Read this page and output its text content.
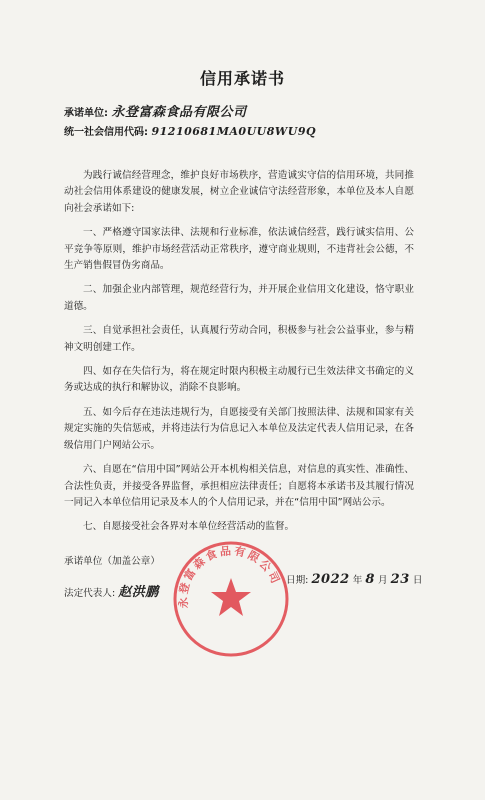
信用承诺书
承诺单位: 永登富森食品有限公司
统一社会信用代码: 91210681MA0UU8WU9Q

为践行诚信经营理念，维护良好市场秩序，营造诚实守信的信用环境，共同推动社会信用体系建设的健康发展，树立企业诚信守法经营形象，本单位及本人自愿向社会承诺如下:

一、严格遵守国家法律、法规和行业标准，依法诚信经营，践行诚实信用、公平竞争等原则，维护市场经营活动正常秩序，遵守商业规则，不违背社会公德，不生产销售假冒伪劣商品。

二、加强企业内部管理，规范经营行为，并开展企业信用文化建设，恪守职业道德。

三、自觉承担社会责任，认真履行劳动合同，积极参与社会公益事业，参与精神文明创建工作。

四、如存在失信行为，将在规定时限内积极主动履行已生效法律文书确定的义务或达成的执行和解协议，消除不良影响。

五、如今后存在违法违规行为，自愿接受有关部门按照法律、法规和国家有关规定实施的失信惩戒，并将违法行为信息记入本单位及法定代表人信用记录，在各级信用门户网站公示。

六、自愿在“信用中国”网站公开本机构相关信息，对信息的真实性、准确性、合法性负责，并接受各界监督，承担相应法律责任；自愿将本承诺书及其履行情况一同记入本单位信用记录及本人的个人信用记录，并在“信用中国”网站公示。

七、自愿接受社会各界对本单位经营活动的监督。

承诺单位（加盖公章）
法定代表人: 赵洪鹏
日期: 2022 年 8 月 23 日
永登富森食品有限公司
